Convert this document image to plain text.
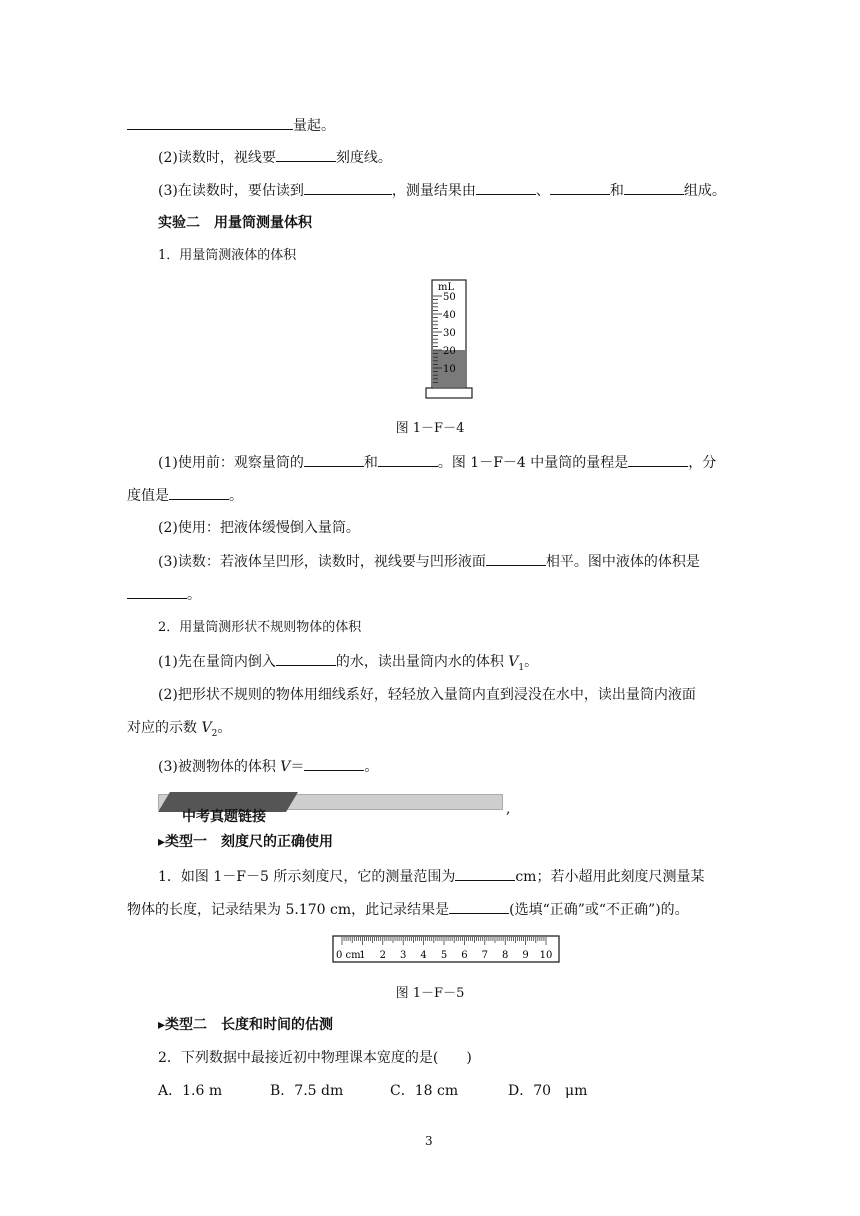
量起。
(2)读数时，视线要	刻度线。
(3)在读数时，要估读到	，测量结果由	、	和	组成。
实验二　用量筒测量体积
1．用量筒测液体的体积
mL
50
40
30
20
10
图 1－F－4
(1)使用前：观察量筒的	和	。图 1－F－4 中量筒的量程是	，分
度值是	。
(2)使用：把液体缓慢倒入量筒。
(3)读数：若液体呈凹形，读数时，视线要与凹形液面	相平。图中液体的体积是
。
2．用量筒测形状不规则物体的体积
(1)先在量筒内倒入	的水，读出量筒内水的体积 $V_1$。
(2)把形状不规则的物体用细线系好，轻轻放入量筒内直到浸没在水中，读出量筒内液面
对应的示数 $V_2$。
(3)被测物体的体积 V＝	。
中考真题链接	,
▸类型一　刻度尺的正确使用
1．如图 1－F－5 所示刻度尺，它的测量范围为	cm；若小超用此刻度尺测量某
物体的长度，记录结果为 5.170 cm，此记录结果是	(选填“正确”或“不正确”)的。
0 cm
1 2 3 4 5 6 7 8 9 10
图 1－F－5
▸类型二　长度和时间的估测
2．下列数据中最接近初中物理课本宽度的是(　　)
A．1.6 m	B．7.5 dm	C．18 cm	D．70　μm
3
